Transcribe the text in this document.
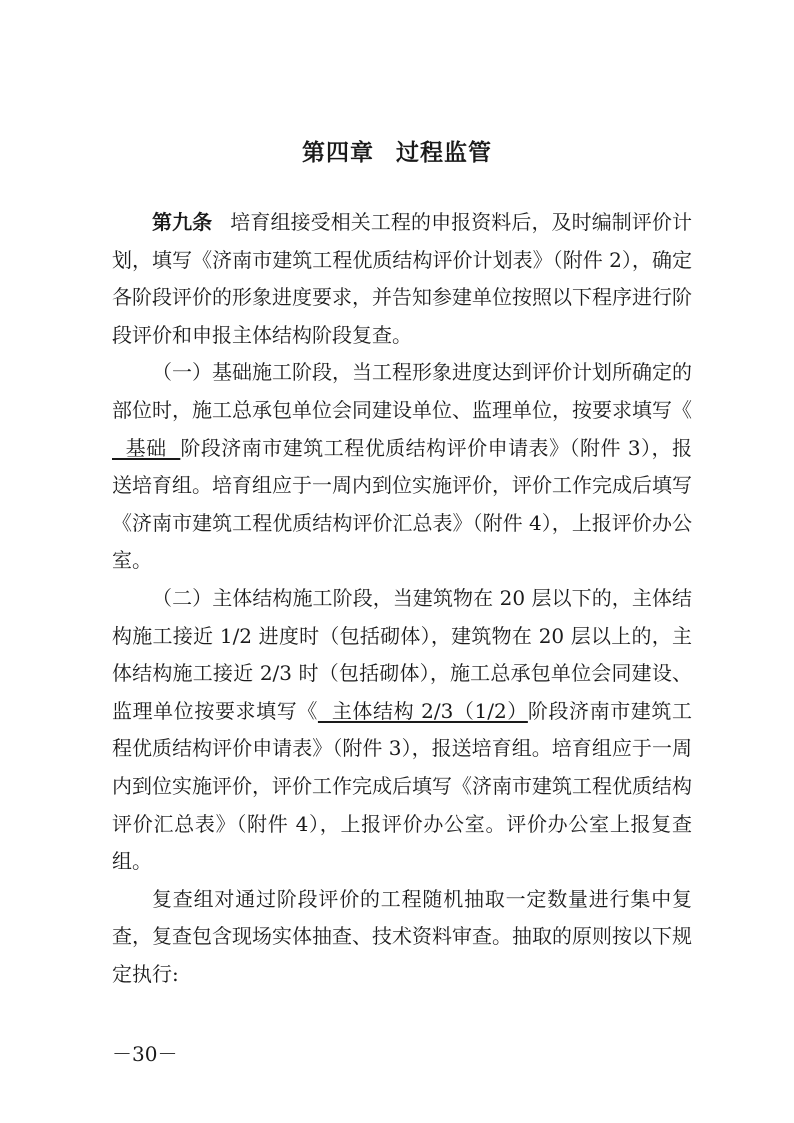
第四章 过程监管

第九条 培育组接受相关工程的申报资料后，及时编制评价计划，填写《济南市建筑工程优质结构评价计划表》（附件 2），确定各阶段评价的形象进度要求，并告知参建单位按照以下程序进行阶段评价和申报主体结构阶段复查。

（一）基础施工阶段，当工程形象进度达到评价计划所确定的部位时，施工总承包单位会同建设单位、监理单位，按要求填写《  基础  阶段济南市建筑工程优质结构评价申请表》（附件 3），报送培育组。培育组应于一周内到位实施评价，评价工作完成后填写《济南市建筑工程优质结构评价汇总表》（附件 4），上报评价办公室。

（二）主体结构施工阶段，当建筑物在 20 层以下的，主体结构施工接近 1/2 进度时（包括砌体），建筑物在 20 层以上的，主体结构施工接近 2/3 时（包括砌体），施工总承包单位会同建设、监理单位按要求填写《  主体结构 2/3（1/2）阶段济南市建筑工程优质结构评价申请表》（附件 3），报送培育组。培育组应于一周内到位实施评价，评价工作完成后填写《济南市建筑工程优质结构评价汇总表》（附件 4），上报评价办公室。评价办公室上报复查组。

复查组对通过阶段评价的工程随机抽取一定数量进行集中复查，复查包含现场实体抽查、技术资料审查。抽取的原则按以下规定执行:

－30－
